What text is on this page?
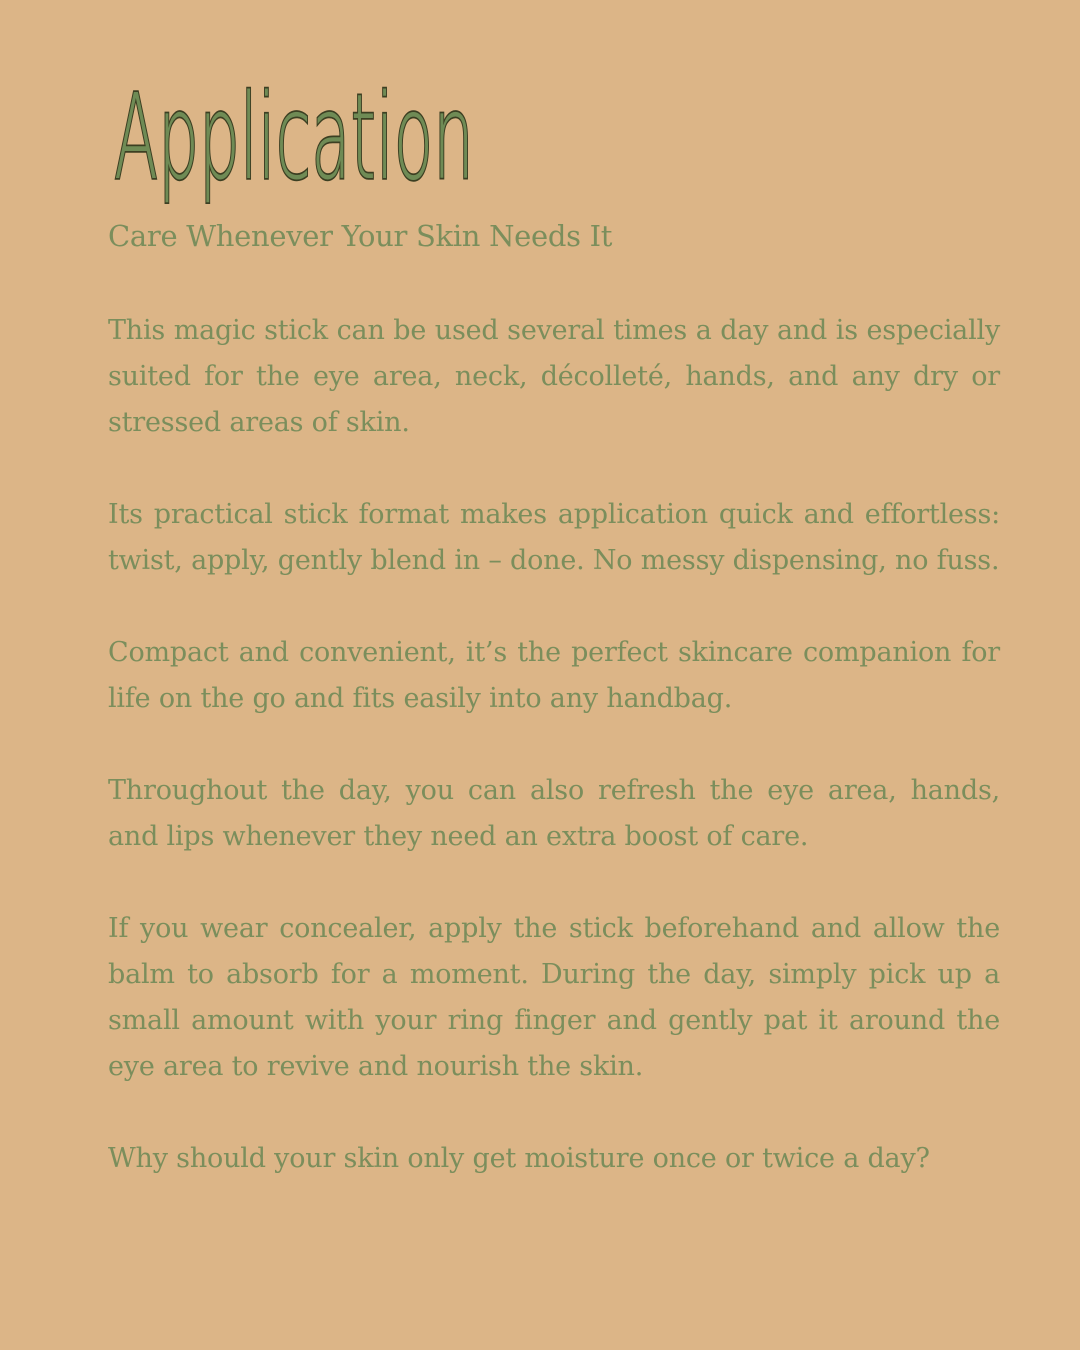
Application
Care Whenever Your Skin Needs It

This magic stick can be used several times a day and is especially suited for the eye area, neck, décolleté, hands, and any dry or stressed areas of skin.

Its practical stick format makes application quick and effortless: twist, apply, gently blend in – done. No messy dispensing, no fuss.

Compact and convenient, it’s the perfect skincare companion for life on the go and fits easily into any handbag.

Throughout the day, you can also refresh the eye area, hands, and lips whenever they need an extra boost of care.

If you wear concealer, apply the stick beforehand and allow the balm to absorb for a moment. During the day, simply pick up a small amount with your ring finger and gently pat it around the eye area to revive and nourish the skin.

Why should your skin only get moisture once or twice a day?
